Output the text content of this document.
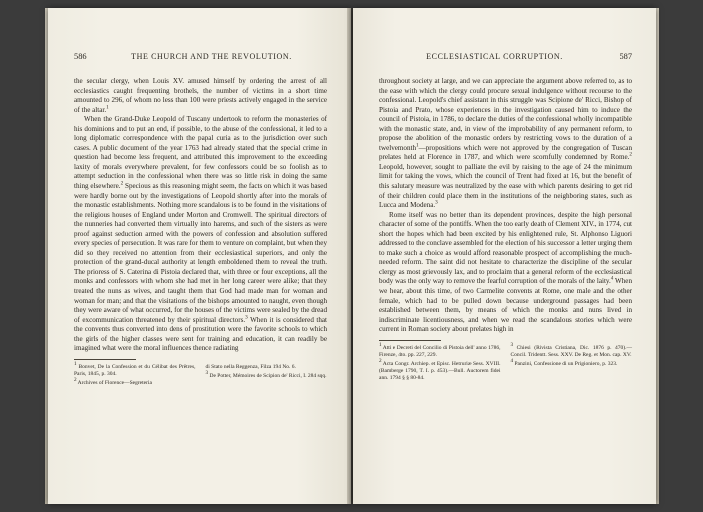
586	THE CHURCH AND THE REVOLUTION.

the secular clergy, when Louis XV. amused himself by ordering the arrest of all ecclesiastics caught frequenting brothels, the number of victims in a short time amounted to 296, of whom no less than 100 were priests actively engaged in the service of the altar.$^1$

When the Grand-Duke Leopold of Tuscany undertook to reform the monasteries of his dominions and to put an end, if possible, to the abuse of the confessional, it led to a long diplomatic correspondence with the papal curia as to the jurisdiction over such cases. A public document of the year 1763 had already stated that the special crime in question had become less frequent, and attributed this improvement to the exceeding laxity of morals everywhere prevalent, for few confessors could be so foolish as to attempt seduction in the confessional when there was so little risk in doing the same thing elsewhere.$^2$ Specious as this reasoning might seem, the facts on which it was based were hardly borne out by the investigations of Leopold shortly after into the morals of the monastic establishments. Nothing more scandalous is to be found in the visitations of the religious houses of England under Morton and Cromwell. The spiritual directors of the nunneries had converted them virtually into harems, and such of the sisters as were proof against seduction armed with the powers of confession and absolution suffered every species of persecution. It was rare for them to venture on complaint, but when they did so they received no attention from their ecclesiastical superiors, and only the protection of the grand-ducal authority at length emboldened them to reveal the truth. The prioress of S. Caterina di Pistoia declared that, with three or four exceptions, all the monks and confessors with whom she had met in her long career were alike; that they treated the nuns as wives, and taught them that God had made man for woman and woman for man; and that the visitations of the bishops amounted to naught, even though they were aware of what occurred, for the houses of the victims were sealed by the dread of excommunication threatened by their spiritual directors.$^3$ When it is considered that the convents thus converted into dens of prostitution were the favorite schools to which the girls of the higher classes were sent for training and education, it can readily be imagined what were the moral influences thence radiating

$^1$ Bonvet, De la Confession et du Célibat des Prêtres, Paris, 1845, p. 304.

$^2$ Archives of Florence—Segreteria

di Stato nella Reggenza, Filza 194 No. 6.

$^3$ De Potter, Mémoires de Scipion de' Ricci, I. 284 sqq.

587
ECCLESIASTICAL CORRUPTION.

throughout society at large, and we can appreciate the argument above referred to, as to the ease with which the clergy could procure sexual indulgence without recourse to the confessional. Leopold's chief assistant in this struggle was Scipione de' Ricci, Bishop of Pistoia and Prato, whose experiences in the investigation caused him to induce the council of Pistoia, in 1786, to declare the duties of the confessional wholly incompatible with the monastic state, and, in view of the improbability of any permanent reform, to propose the abolition of the monastic orders by restricting vows to the duration of a twelvemonth$^1$—propositions which were not approved by the congregation of Tuscan prelates held at Florence in 1787, and which were scornfully condemned by Rome.$^2$ Leopold, however, sought to palliate the evil by raising to the age of 24 the minimum limit for taking the vows, which the council of Trent had fixed at 16, but the benefit of this salutary measure was neutralized by the ease with which parents desiring to get rid of their children could place them in the institutions of the neighboring states, such as Lucca and Modena.$^3$

Rome itself was no better than its dependent provinces, despite the high personal character of some of the pontiffs. When the too early death of Clement XIV., in 1774, cut short the hopes which had been excited by his enlightened rule, St. Alphonso Liguori addressed to the conclave assembled for the election of his successor a letter urging them to make such a choice as would afford reasonable prospect of accomplishing the much-needed reform. The saint did not hesitate to characterize the discipline of the secular clergy as most grievously lax, and to proclaim that a general reform of the ecclesiastical body was the only way to remove the fearful corruption of the morals of the laity.$^4$ When we hear, about this time, of two Carmelite convents at Rome, one male and the other female, which had to be pulled down because underground passages had been established between them, by means of which the monks and nuns lived in indiscriminate licentiousness, and when we read the scandalous stories which were current in Roman society about prelates high in

$^1$ Atti e Decreti del Concilio di Pistoia dell' anno 1786, Firenze, 4to. pp. 227, 229.

$^2$ Acta Congr. Archiep. et Episc. Hetruriæ Sess. XVIII. (Bamberge 1790, T. I. p. 453).—Bull. Auctorem fidei ann. 1794 § § 80-84.

$^3$ Chiesi (Rivista Cristiana, Dic. 1876 p. 470).—Concil. Tridentt. Sess. XXV. De Reg. et Mon. cap. XV.

$^4$ Panzini, Confessione di un Prigioniero, p. 323.
